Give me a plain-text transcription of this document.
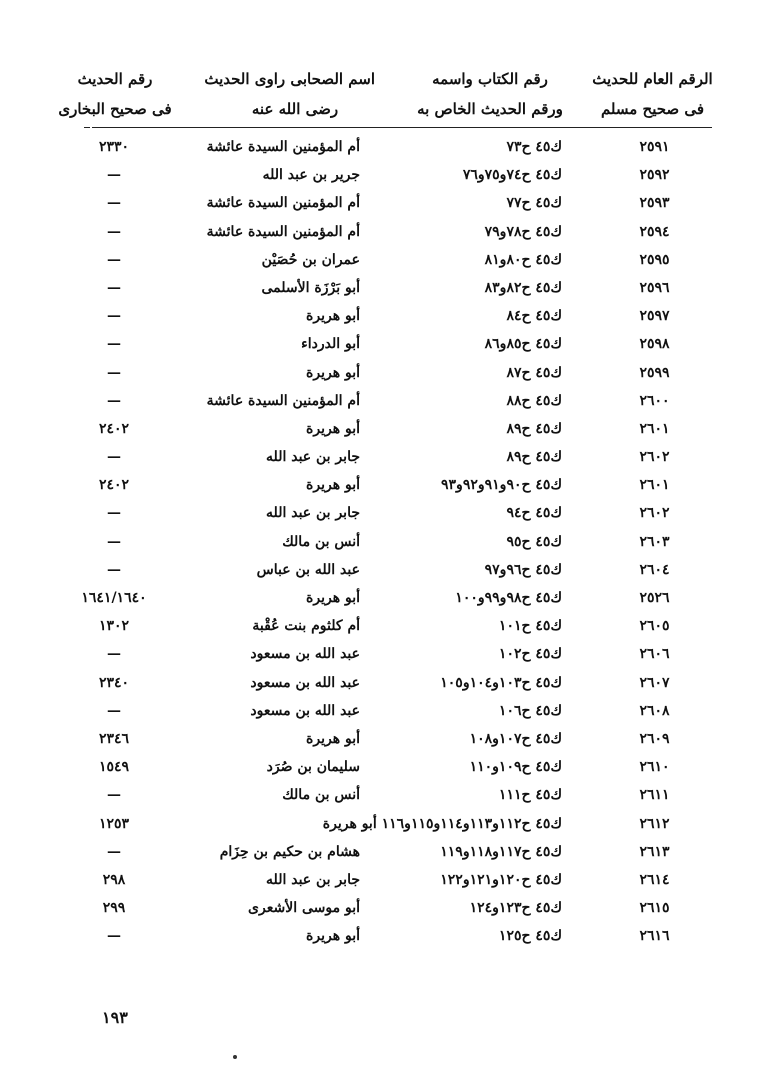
الرقم العام للحديث
فى صحيح مسلم
رقم الكتاب واسمه
ورقم الحديث الخاص به
اسم الصحابى راوى الحديث
رضى الله عنه
رقم الحديث
فى صحيح البخارى
٢٥٩١
ك٤٥ ح٧٣
أم المؤمنين السيدة عائشة
٢٣٣٠
٢٥٩٢
ك٤٥ ح٧٤و٧٥و٧٦
جرير بن عبد الله
—
٢٥٩٣
ك٤٥ ح٧٧
أم المؤمنين السيدة عائشة
—
٢٥٩٤
ك٤٥ ح٧٨و٧٩
أم المؤمنين السيدة عائشة
—
٢٥٩٥
ك٤٥ ح٨٠و٨١
عمران بن حُصَيْن
—
٢٥٩٦
ك٤٥ ح٨٢و٨٣
أبو بَرْزَة الأسلمى
—
٢٥٩٧
ك٤٥ ح٨٤
أبو هريرة
—
٢٥٩٨
ك٤٥ ح٨٥و٨٦
أبو الدرداء
—
٢٥٩٩
ك٤٥ ح٨٧
أبو هريرة
—
٢٦٠٠
ك٤٥ ح٨٨
أم المؤمنين السيدة عائشة
—
٢٦٠١
ك٤٥ ح٨٩
أبو هريرة
٢٤٠٢
٢٦٠٢
ك٤٥ ح٨٩
جابر بن عبد الله
—
٢٦٠١
ك٤٥ ح٩٠و٩١و٩٢و٩٣
أبو هريرة
٢٤٠٢
٢٦٠٢
ك٤٥ ح٩٤
جابر بن عبد الله
—
٢٦٠٣
ك٤٥ ح٩٥
أنس بن مالك
—
٢٦٠٤
ك٤٥ ح٩٦و٩٧
عبد الله بن عباس
—
٢٥٢٦
ك٤٥ ح٩٨و٩٩و١٠٠
أبو هريرة
١٦٤١/١٦٤٠
٢٦٠٥
ك٤٥ ح١٠١
أم كلثوم بنت عُقْبة
١٣٠٢
٢٦٠٦
ك٤٥ ح١٠٢
عبد الله بن مسعود
—
٢٦٠٧
ك٤٥ ح١٠٣و١٠٤و١٠٥
عبد الله بن مسعود
٢٣٤٠
٢٦٠٨
ك٤٥ ح١٠٦
عبد الله بن مسعود
—
٢٦٠٩
ك٤٥ ح١٠٧و١٠٨
أبو هريرة
٢٣٤٦
٢٦١٠
ك٤٥ ح١٠٩و١١٠
سليمان بن صُرَد
١٥٤٩
٢٦١١
ك٤٥ ح١١١
أنس بن مالك
—
٢٦١٢
ك٤٥ ح١١٢و١١٣و١١٤و١١٥و١١٦ أبو هريرة
١٢٥٣
٢٦١٣
ك٤٥ ح١١٧و١١٨و١١٩
هشام بن حكيم بن حِزَام
—
٢٦١٤
ك٤٥ ح١٢٠و١٢١و١٢٢
جابر بن عبد الله
٢٩٨
٢٦١٥
ك٤٥ ح١٢٣و١٢٤
أبو موسى الأشعرى
٢٩٩
٢٦١٦
ك٤٥ ح١٢٥
أبو هريرة
—
١٩٣
